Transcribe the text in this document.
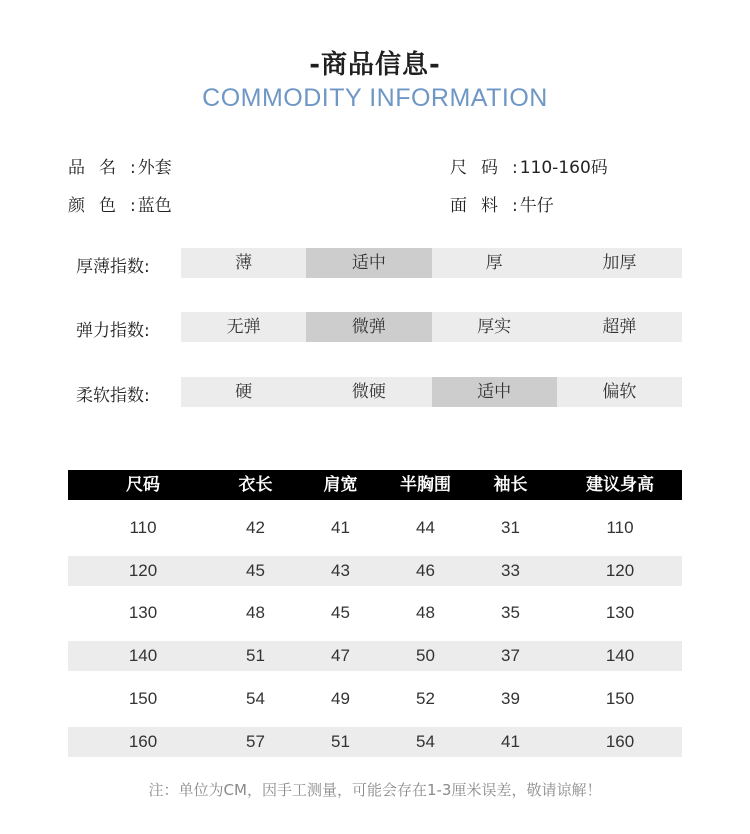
-商品信息-
COMMODITY INFORMATION
品名: 外套	尺码: 110-160码
颜色: 蓝色	面料: 牛仔
厚薄指数:	薄	适中	厚	加厚
弹力指数:	无弹	微弹	厚实	超弹
柔软指数:	硬	微硬	适中	偏软
尺码	衣长	肩宽	半胸围	袖长	建议身高
110	42	41	44	31	110
120	45	43	46	33	120
130	48	45	48	35	130
140	51	47	50	37	140
150	54	49	52	39	150
160	57	51	54	41	160
注：单位为CM，因手工测量，可能会存在1-3厘米误差，敬请谅解！
